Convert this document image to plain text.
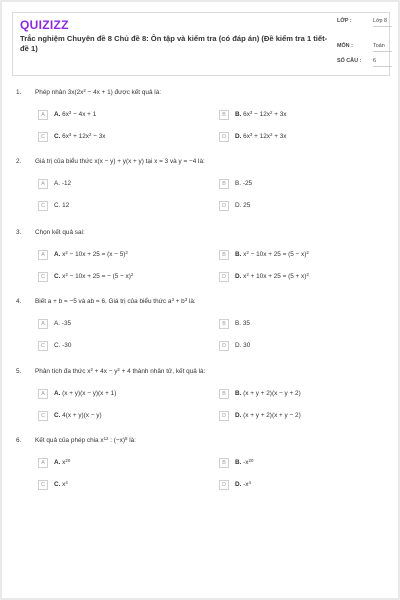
QUIZIZZ
Trắc nghiệm Chuyên đề 8 Chủ đề 8: Ôn tập và kiểm tra (có đáp án) (Đề kiểm tra 1 tiết- đề 1)
LỚP :	Lớp 8
MÔN :	Toán
SỐ CÂU : 6
1. Phép nhân $3x(2x^2 - 4x + 1)$ được kết quả là:
A	A. $6x^3 - 4x + 1$	B	B. $6x^3 - 12x^2 + 3x$
C	C. $6x^3 + 12x^2 - 3x$	D	D. $6x^3 + 12x^2 + 3x$
2. Giá trị của biểu thức x(x − y) + y(x + y) tại x = 3 và y = −4 là:
A	A. -12	B	B. -25
C	C. 12	D	D. 25
3. Chọn kết quả sai:
A	A. $x^2 - 10x + 25 = (x - 5)^2$	B	B. $x^2 - 10x + 25 = (5 - x)^2$
C	C. $x^2 - 10x + 25$ = − $(5 - x)^2$	D	D. $x^2 + 10x + 25 = (5 + x)^2$
4. Biết a + b = −5 và ab = 6. Giá trị của biểu thức $a^3 + b^3$ là:
A	A. -35	B	B. 35
C	C. -30	D	D. 30
5. Phân tích đa thức $x^2 + 4x - y^2 + 4$ thành nhân tử, kết quả là:
A	A. (x + y)(x − y)(x + 1)	B	B. (x + y + 2)(x − y + 2)
C	C. 4(x + y)(x − y)	D	D. (x + y + 2)(x + y − 2)
6. Kết quả của phép chia $x^{12}$ : $(-x)^8$ là:
A	A. $x^{20}$	B	B. $-x^{20}$
C	C. $x^4$	D	D. $-x^4$
